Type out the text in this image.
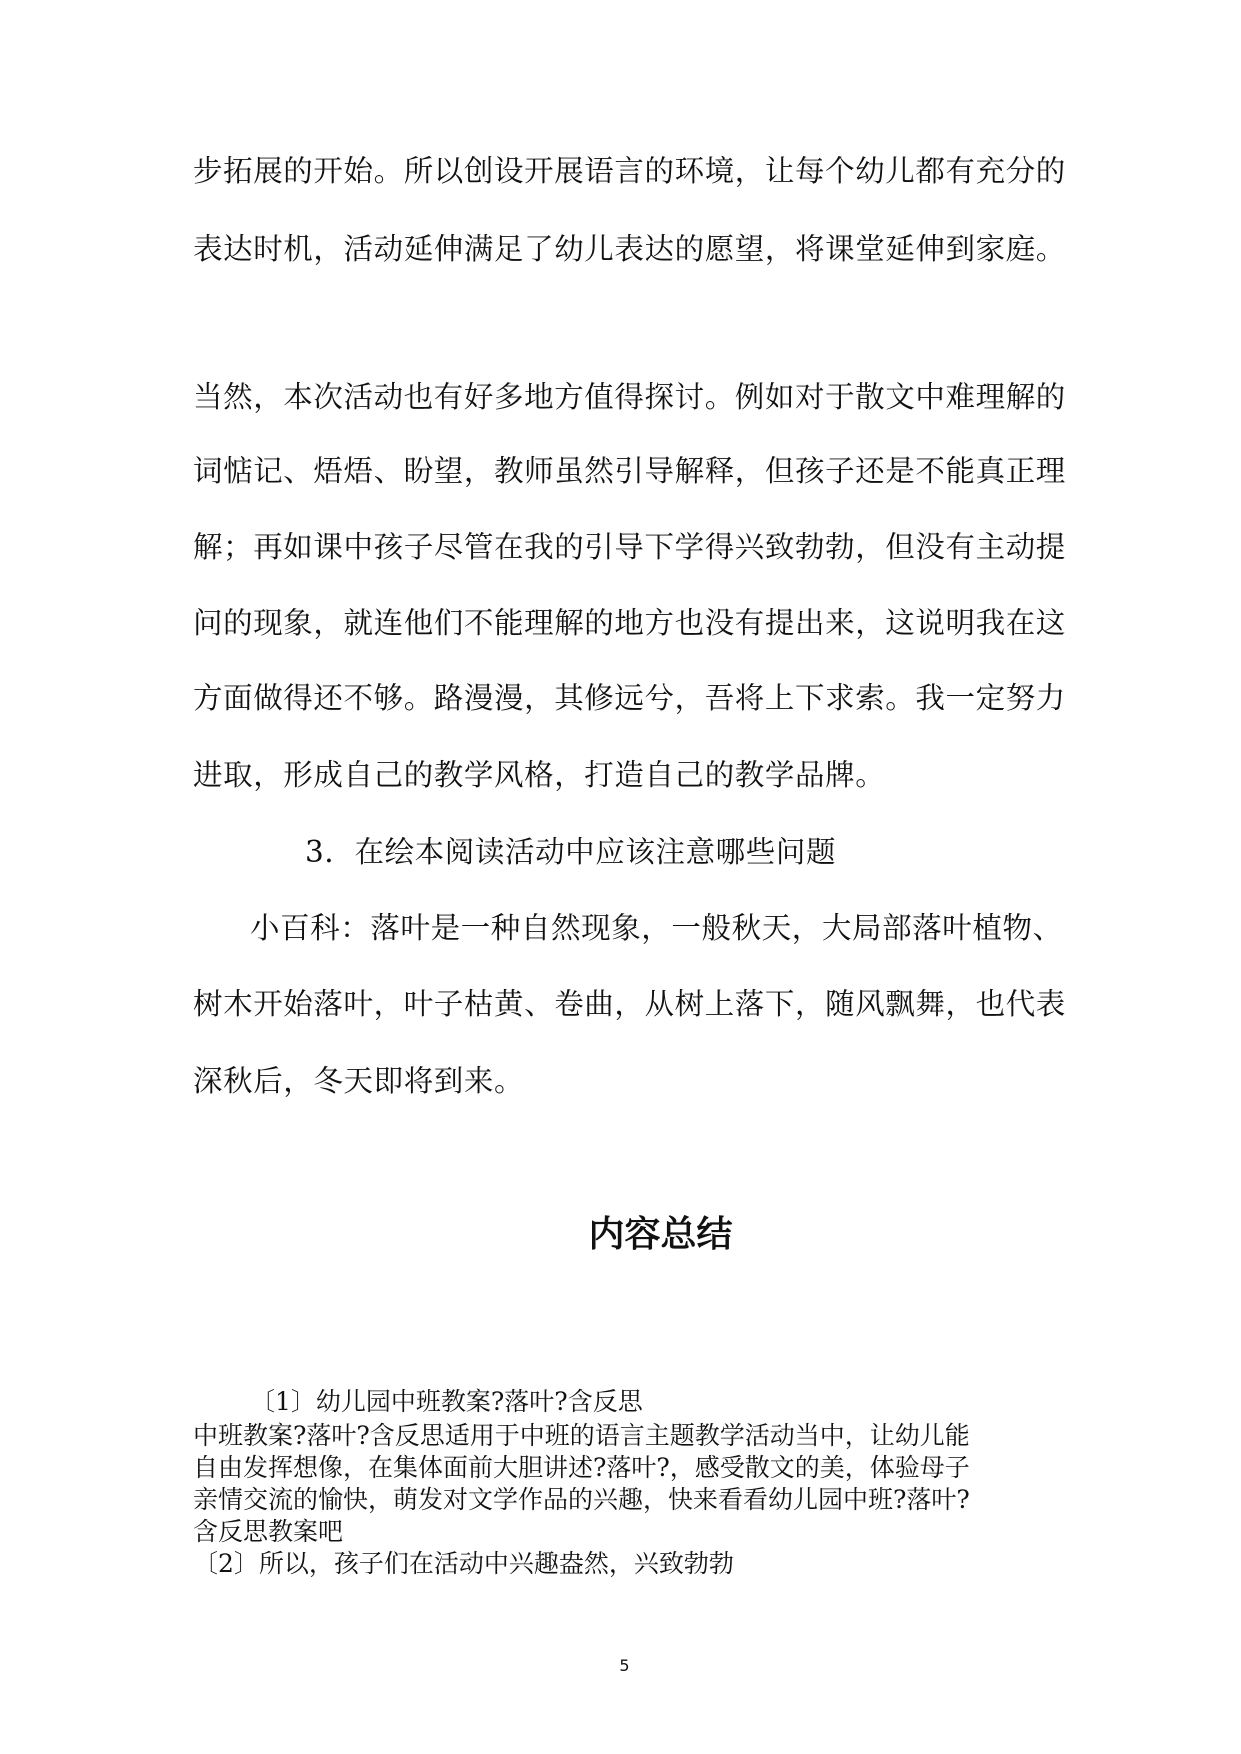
步拓展的开始。所以创设开展语言的环境，让每个幼儿都有充分的
表达时机，活动延伸满足了幼儿表达的愿望，将课堂延伸到家庭。
当然，本次活动也有好多地方值得探讨。例如对于散文中难理解的
词惦记、焐焐、盼望，教师虽然引导解释，但孩子还是不能真正理
解；再如课中孩子尽管在我的引导下学得兴致勃勃，但没有主动提
问的现象，就连他们不能理解的地方也没有提出来，这说明我在这
方面做得还不够。路漫漫，其修远兮，吾将上下求索。我一定努力
进取，形成自己的教学风格，打造自己的教学品牌。
3．在绘本阅读活动中应该注意哪些问题
小百科：落叶是一种自然现象，一般秋天，大局部落叶植物、
树木开始落叶，叶子枯黄、卷曲，从树上落下，随风飘舞，也代表
深秋后，冬天即将到来。
内容总结
〔1〕幼儿园中班教案?落叶?含反思
中班教案?落叶?含反思适用于中班的语言主题教学活动当中，让幼儿能
自由发挥想像，在集体面前大胆讲述?落叶?，感受散文的美，体验母子
亲情交流的愉快，萌发对文学作品的兴趣，快来看看幼儿园中班?落叶?
含反思教案吧
〔2〕所以，孩子们在活动中兴趣盎然，兴致勃勃
5
